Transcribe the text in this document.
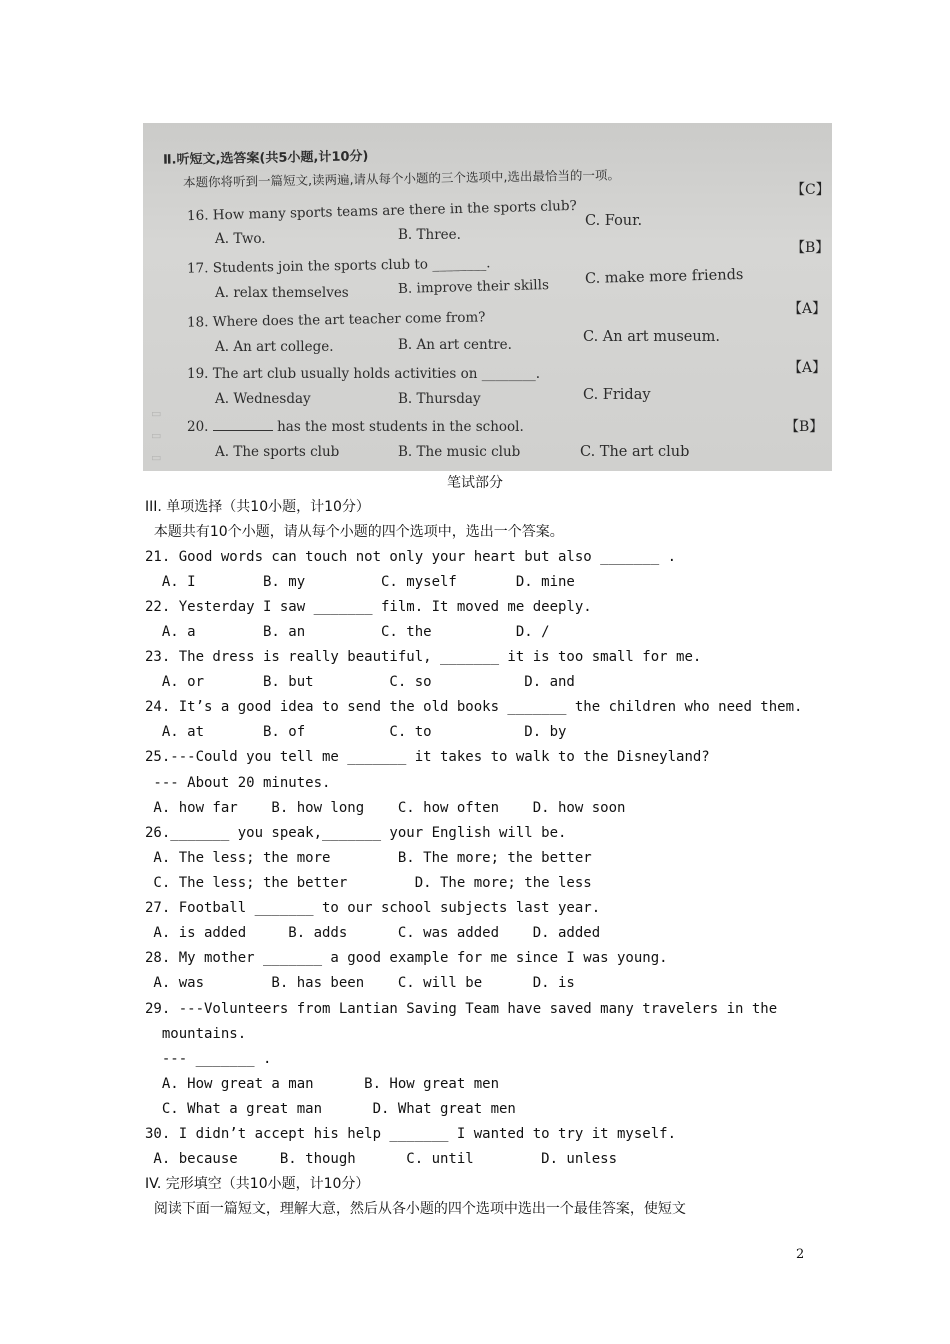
Ⅱ.听短文,选答案(共5小题,计10分)
本题你将听到一篇短文,读两遍,请从每个小题的三个选项中,选出最恰当的一项。
16. How many sports teams are there in the sports club?
A. Two.	B. Three.
C. Four.
【C】
17. Students join the sports club to ________.
A. relax themselves	B. improve their skills C. make more friends
【B】
18. Where does the art teacher come from?
A. An art college.	B. An art centre.	C. An art museum.
【A】
19. The art club usually holds activities on ________.
A. Wednesday	B. Thursday	C. Friday
【A】
20.	has the most students in the school.
A. The sports club	B. The music club	C. The art club
【B】
▭
▭
▭
笔试部分
III. 单项选择（共10小题，计10分）
本题共有10个小题，请从每个小题的四个选项中，选出一个答案。
21. Good words can touch not only your heart but also _______ .
A. I        B. my         C. myself       D. mine
22. Yesterday I saw _______ film. It moved me deeply.
A. a        B. an         C. the          D. /
23. The dress is really beautiful, _______ it is too small for me.
A. or       B. but         C. so           D. and
24. It’s a good idea to send the old books _______ the children who need them.
A. at       B. of          C. to           D. by
25.---Could you tell me _______ it takes to walk to the Disneyland?
--- About 20 minutes.
A. how far    B. how long    C. how often    D. how soon
26._______ you speak,_______ your English will be.
A. The less; the more        B. The more; the better
C. The less; the better        D. The more; the less
27. Football _______ to our school subjects last year.
A. is added     B. adds      C. was added    D. added
28. My mother _______ a good example for me since I was young.
A. was        B. has been    C. will be      D. is
29. ---Volunteers from Lantian Saving Team have saved many travelers in the
mountains.
--- _______ .
A. How great a man      B. How great men
C. What a great man      D. What great men
30. I didn’t accept his help _______ I wanted to try it myself.
A. because     B. though      C. until        D. unless
IV. 完形填空（共10小题，计10分）
阅读下面一篇短文，理解大意，然后从各小题的四个选项中选出一个最佳答案，使短文
2
